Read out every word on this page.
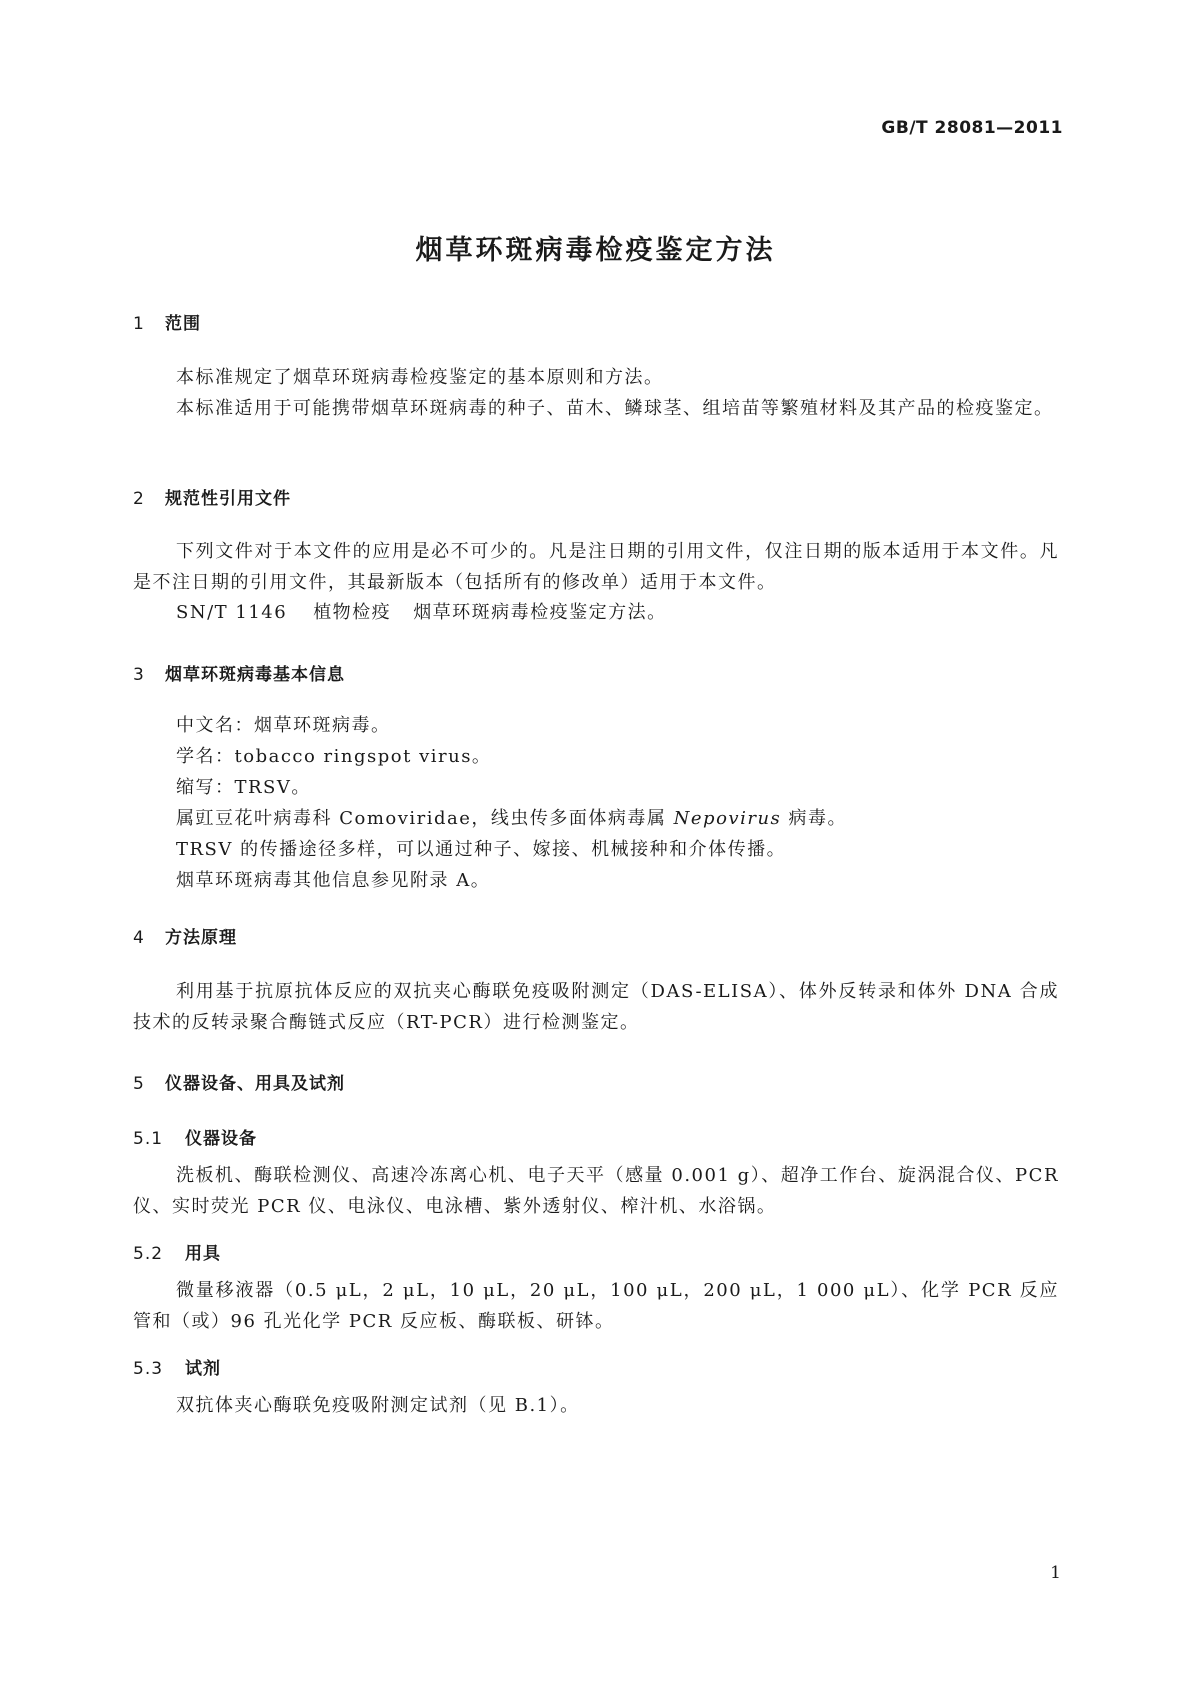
GB/T 28081—2011
烟草环斑病毒检疫鉴定方法
1 范围
本标准规定了烟草环斑病毒检疫鉴定的基本原则和方法。
本标准适用于可能携带烟草环斑病毒的种子、苗木、鳞球茎、组培苗等繁殖材料及其产品的检疫鉴定。
2 规范性引用文件
下列文件对于本文件的应用是必不可少的。凡是注日期的引用文件，仅注日期的版本适用于本文件。凡是不注日期的引用文件，其最新版本（包括所有的修改单）适用于本文件。
SN/T 1146 植物检疫 烟草环斑病毒检疫鉴定方法。
3 烟草环斑病毒基本信息
中文名：烟草环斑病毒。
学名：tobacco ringspot virus。
缩写：TRSV。
属豇豆花叶病毒科 Comoviridae，线虫传多面体病毒属 Nepovirus 病毒。
TRSV 的传播途径多样，可以通过种子、嫁接、机械接种和介体传播。
烟草环斑病毒其他信息参见附录 A。
4 方法原理
利用基于抗原抗体反应的双抗夹心酶联免疫吸附测定（DAS-ELISA）、体外反转录和体外 DNA 合成技术的反转录聚合酶链式反应（RT-PCR）进行检测鉴定。
5 仪器设备、用具及试剂
5.1 仪器设备
洗板机、酶联检测仪、高速冷冻离心机、电子天平（感量 0.001 g）、超净工作台、旋涡混合仪、PCR 仪、实时荧光 PCR 仪、电泳仪、电泳槽、紫外透射仪、榨汁机、水浴锅。
5.2 用具
微量移液器（0.5 μL，2 μL，10 μL，20 μL，100 μL，200 μL，1 000 μL）、化学 PCR 反应管和（或）96 孔光化学 PCR 反应板、酶联板、研钵。
5.3 试剂
双抗体夹心酶联免疫吸附测定试剂（见 B.1）。
1
